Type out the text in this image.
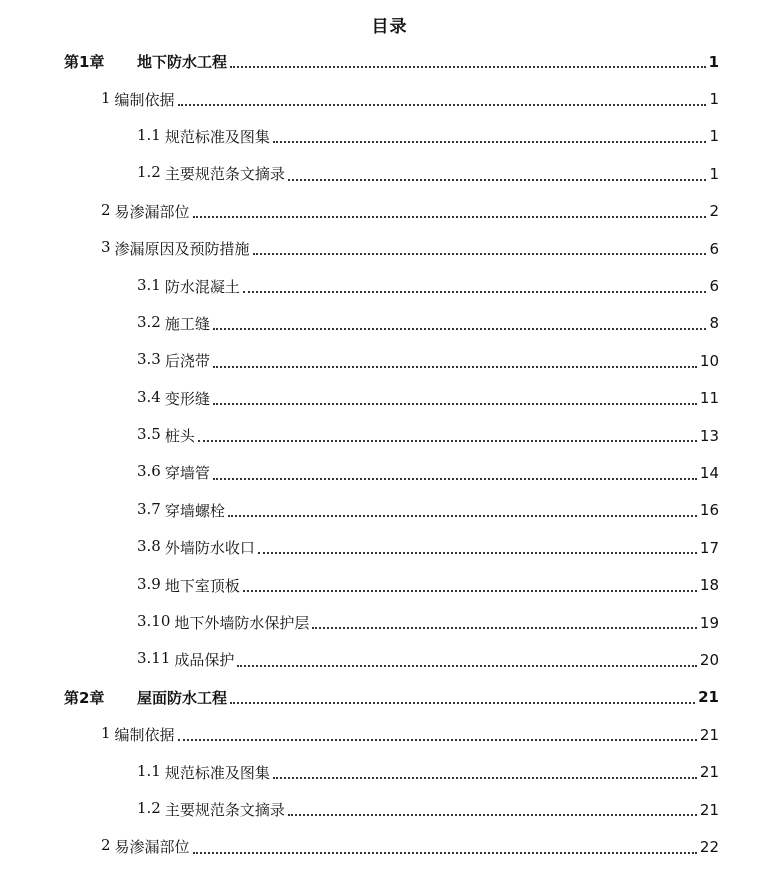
目录
第1章	地下防水工程	1
1 编制依据	1
1.1 规范标准及图集	1
1.2 主要规范条文摘录	1
2 易渗漏部位	2
3 渗漏原因及预防措施	6
3.1 防水混凝土	6
3.2 施工缝	8
3.3 后浇带	10
3.4 变形缝	11
3.5 桩头	13
3.6 穿墙管	14
3.7 穿墙螺栓	16
3.8 外墙防水收口	17
3.9 地下室顶板	18
3.10 地下外墙防水保护层	19
3.11 成品保护	20
第2章	屋面防水工程	21
1 编制依据	21
1.1 规范标准及图集	21
1.2 主要规范条文摘录	21
2 易渗漏部位	22
